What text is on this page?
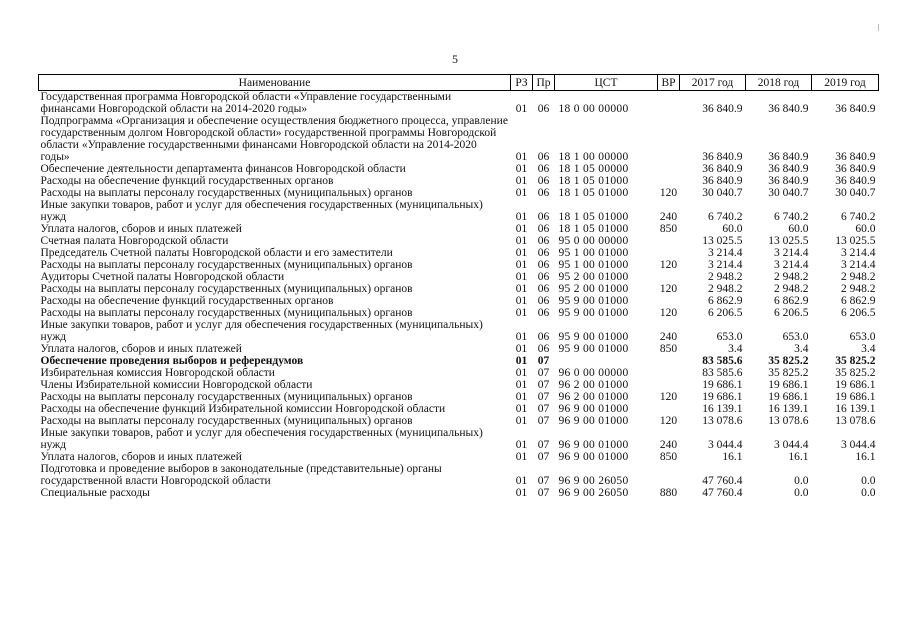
5
Наименование	РЗ	Пр	ЦСТ	ВР	2017 год	2018 год	2019 год
Государственная программа Новгородской области «Управление государственными финансами Новгородской области на 2014-2020 годы»	01	06	18 0 00 00000		36 840.9	36 840.9	36 840.9
Подпрограмма «Организация и обеспечение осуществления бюджетного процесса, управление государственным долгом Новгородской области» государственной программы Новгородской области «Управление государственными финансами Новгородской области на 2014-2020 годы»	01	06	18 1 00 00000		36 840.9	36 840.9	36 840.9
Обеспечение деятельности департамента финансов Новгородской области	01	06	18 1 05 00000		36 840.9	36 840.9	36 840.9
Расходы на обеспечение функций государственных органов	01	06	18 1 05 01000		36 840.9	36 840.9	36 840.9
Расходы на выплаты персоналу государственных (муниципальных) органов	01	06	18 1 05 01000	120	30 040.7	30 040.7	30 040.7
Иные закупки товаров, работ и услуг для обеспечения государственных (муниципальных) нужд	01	06	18 1 05 01000	240	6 740.2	6 740.2	6 740.2
Уплата налогов, сборов и иных платежей	01	06	18 1 05 01000	850	60.0	60.0	60.0
Счетная палата Новгородской области	01	06	95 0 00 00000		13 025.5	13 025.5	13 025.5
Председатель Счетной палаты Новгородской области и его заместители	01	06	95 1 00 01000		3 214.4	3 214.4	3 214.4
Расходы на выплаты персоналу государственных (муниципальных) органов	01	06	95 1 00 01000	120	3 214.4	3 214.4	3 214.4
Аудиторы Счетной палаты Новгородской области	01	06	95 2 00 01000		2 948.2	2 948.2	2 948.2
Расходы на выплаты персоналу государственных (муниципальных) органов	01	06	95 2 00 01000	120	2 948.2	2 948.2	2 948.2
Расходы на обеспечение функций государственных органов	01	06	95 9 00 01000		6 862.9	6 862.9	6 862.9
Расходы на выплаты персоналу государственных (муниципальных) органов	01	06	95 9 00 01000	120	6 206.5	6 206.5	6 206.5
Иные закупки товаров, работ и услуг для обеспечения государственных (муниципальных) нужд	01	06	95 9 00 01000	240	653.0	653.0	653.0
Уплата налогов, сборов и иных платежей	01	06	95 9 00 01000	850	3.4	3.4	3.4
Обеспечение проведения выборов и референдумов	01	07			83 585.6	35 825.2	35 825.2
Избирательная комиссия Новгородской области	01	07	96 0 00 00000		83 585.6	35 825.2	35 825.2
Члены Избирательной комиссии Новгородской области	01	07	96 2 00 01000		19 686.1	19 686.1	19 686.1
Расходы на выплаты персоналу государственных (муниципальных) органов	01	07	96 2 00 01000	120	19 686.1	19 686.1	19 686.1
Расходы на обеспечение функций Избирательной комиссии Новгородской области	01	07	96 9 00 01000		16 139.1	16 139.1	16 139.1
Расходы на выплаты персоналу государственных (муниципальных) органов	01	07	96 9 00 01000	120	13 078.6	13 078.6	13 078.6
Иные закупки товаров, работ и услуг для обеспечения государственных (муниципальных) нужд	01	07	96 9 00 01000	240	3 044.4	3 044.4	3 044.4
Уплата налогов, сборов и иных платежей	01	07	96 9 00 01000	850	16.1	16.1	16.1
Подготовка и проведение выборов в законодательные (представительные) органы государственной власти Новгородской области	01	07	96 9 00 26050		47 760.4	0.0	0.0
Специальные расходы	01	07	96 9 00 26050	880	47 760.4	0.0	0.0
